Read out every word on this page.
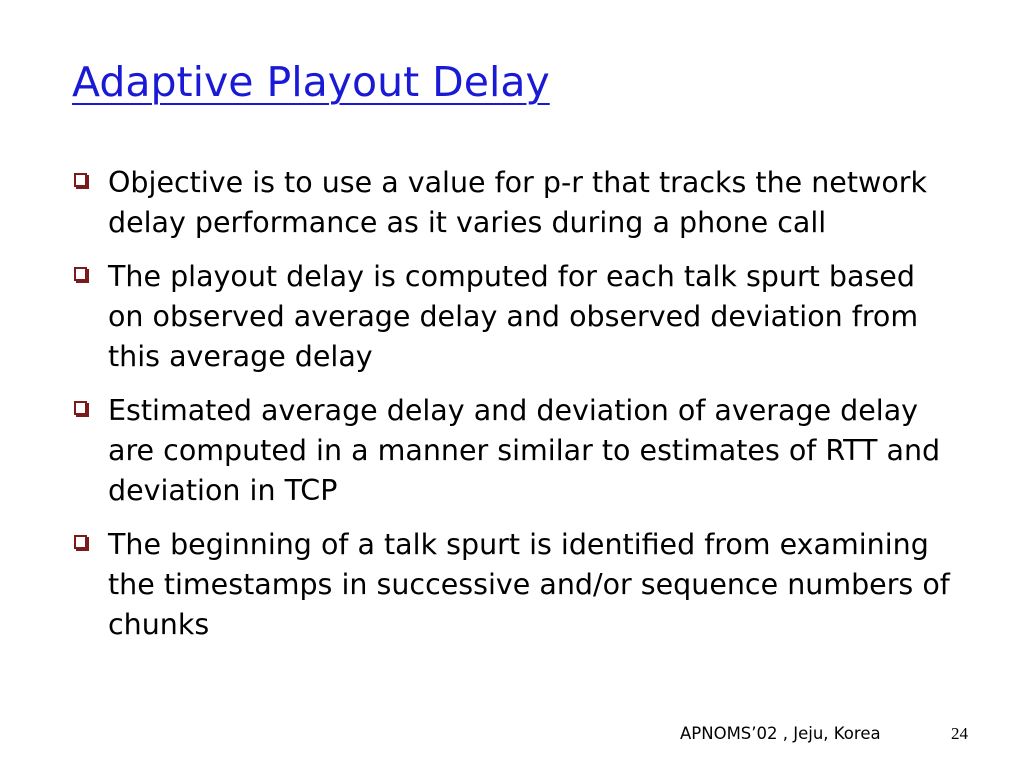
Adaptive Playout Delay
Objective is to use a value for p-r that tracks the network delay performance as it varies during a phone call
The playout delay is computed for each talk spurt based on observed average delay and observed deviation from this average delay
Estimated average delay and deviation of average delay are computed in a manner similar to estimates of RTT and deviation in TCP
The beginning of a talk spurt is identified from examining the timestamps in successive and/or sequence numbers of chunks
APNOMS’02 , Jeju, Korea	24
